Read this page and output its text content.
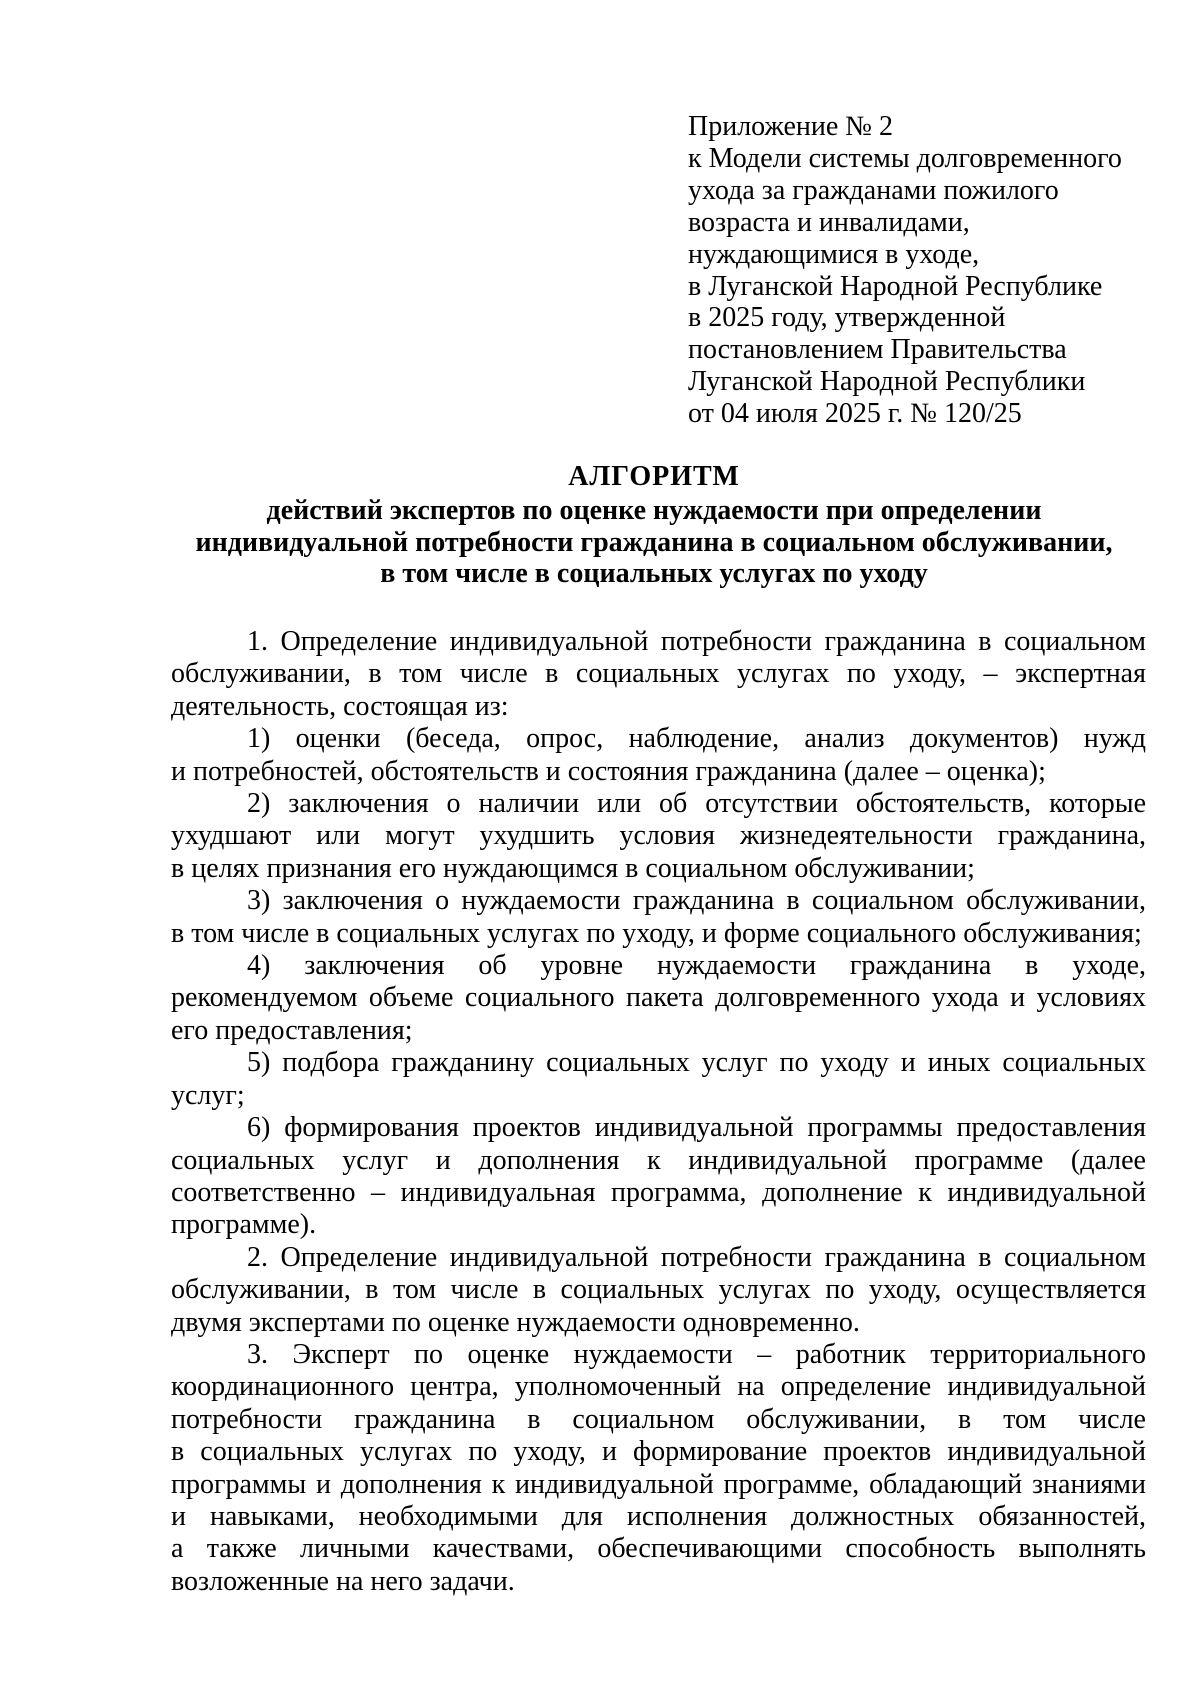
Приложение № 2
к Модели системы долговременного
ухода за гражданами пожилого
возраста и инвалидами,
нуждающимися в уходе,
в Луганской Народной Республике
в 2025 году, утвержденной
постановлением Правительства
Луганской Народной Республики
от 04 июля 2025 г. № 120/25
АЛГОРИТМ
действий экспертов по оценке нуждаемости при определении
индивидуальной потребности гражданина в социальном обслуживании,
в том числе в социальных услугах по уходу
1. Определение индивидуальной потребности гражданина в социальном
обслуживании, в том числе в социальных услугах по уходу, – экспертная
деятельность, состоящая из:
1) оценки (беседа, опрос, наблюдение, анализ документов) нужд
и потребностей, обстоятельств и состояния гражданина (далее – оценка);
2) заключения о наличии или об отсутствии обстоятельств, которые
ухудшают или могут ухудшить условия жизнедеятельности гражданина,
в целях признания его нуждающимся в социальном обслуживании;
3) заключения о нуждаемости гражданина в социальном обслуживании,
в том числе в социальных услугах по уходу, и форме социального обслуживания;
4) заключения об уровне нуждаемости гражданина в уходе,
рекомендуемом объеме социального пакета долговременного ухода и условиях
его предоставления;
5) подбора гражданину социальных услуг по уходу и иных социальных
услуг;
6) формирования проектов индивидуальной программы предоставления
социальных услуг и дополнения к индивидуальной программе (далее
соответственно – индивидуальная программа, дополнение к индивидуальной
программе).
2. Определение индивидуальной потребности гражданина в социальном
обслуживании, в том числе в социальных услугах по уходу, осуществляется
двумя экспертами по оценке нуждаемости одновременно.
3. Эксперт по оценке нуждаемости – работник территориального
координационного центра, уполномоченный на определение индивидуальной
потребности гражданина в социальном обслуживании, в том числе
в социальных услугах по уходу, и формирование проектов индивидуальной
программы и дополнения к индивидуальной программе, обладающий знаниями
и навыками, необходимыми для исполнения должностных обязанностей,
а также личными качествами, обеспечивающими способность выполнять
возложенные на него задачи.
